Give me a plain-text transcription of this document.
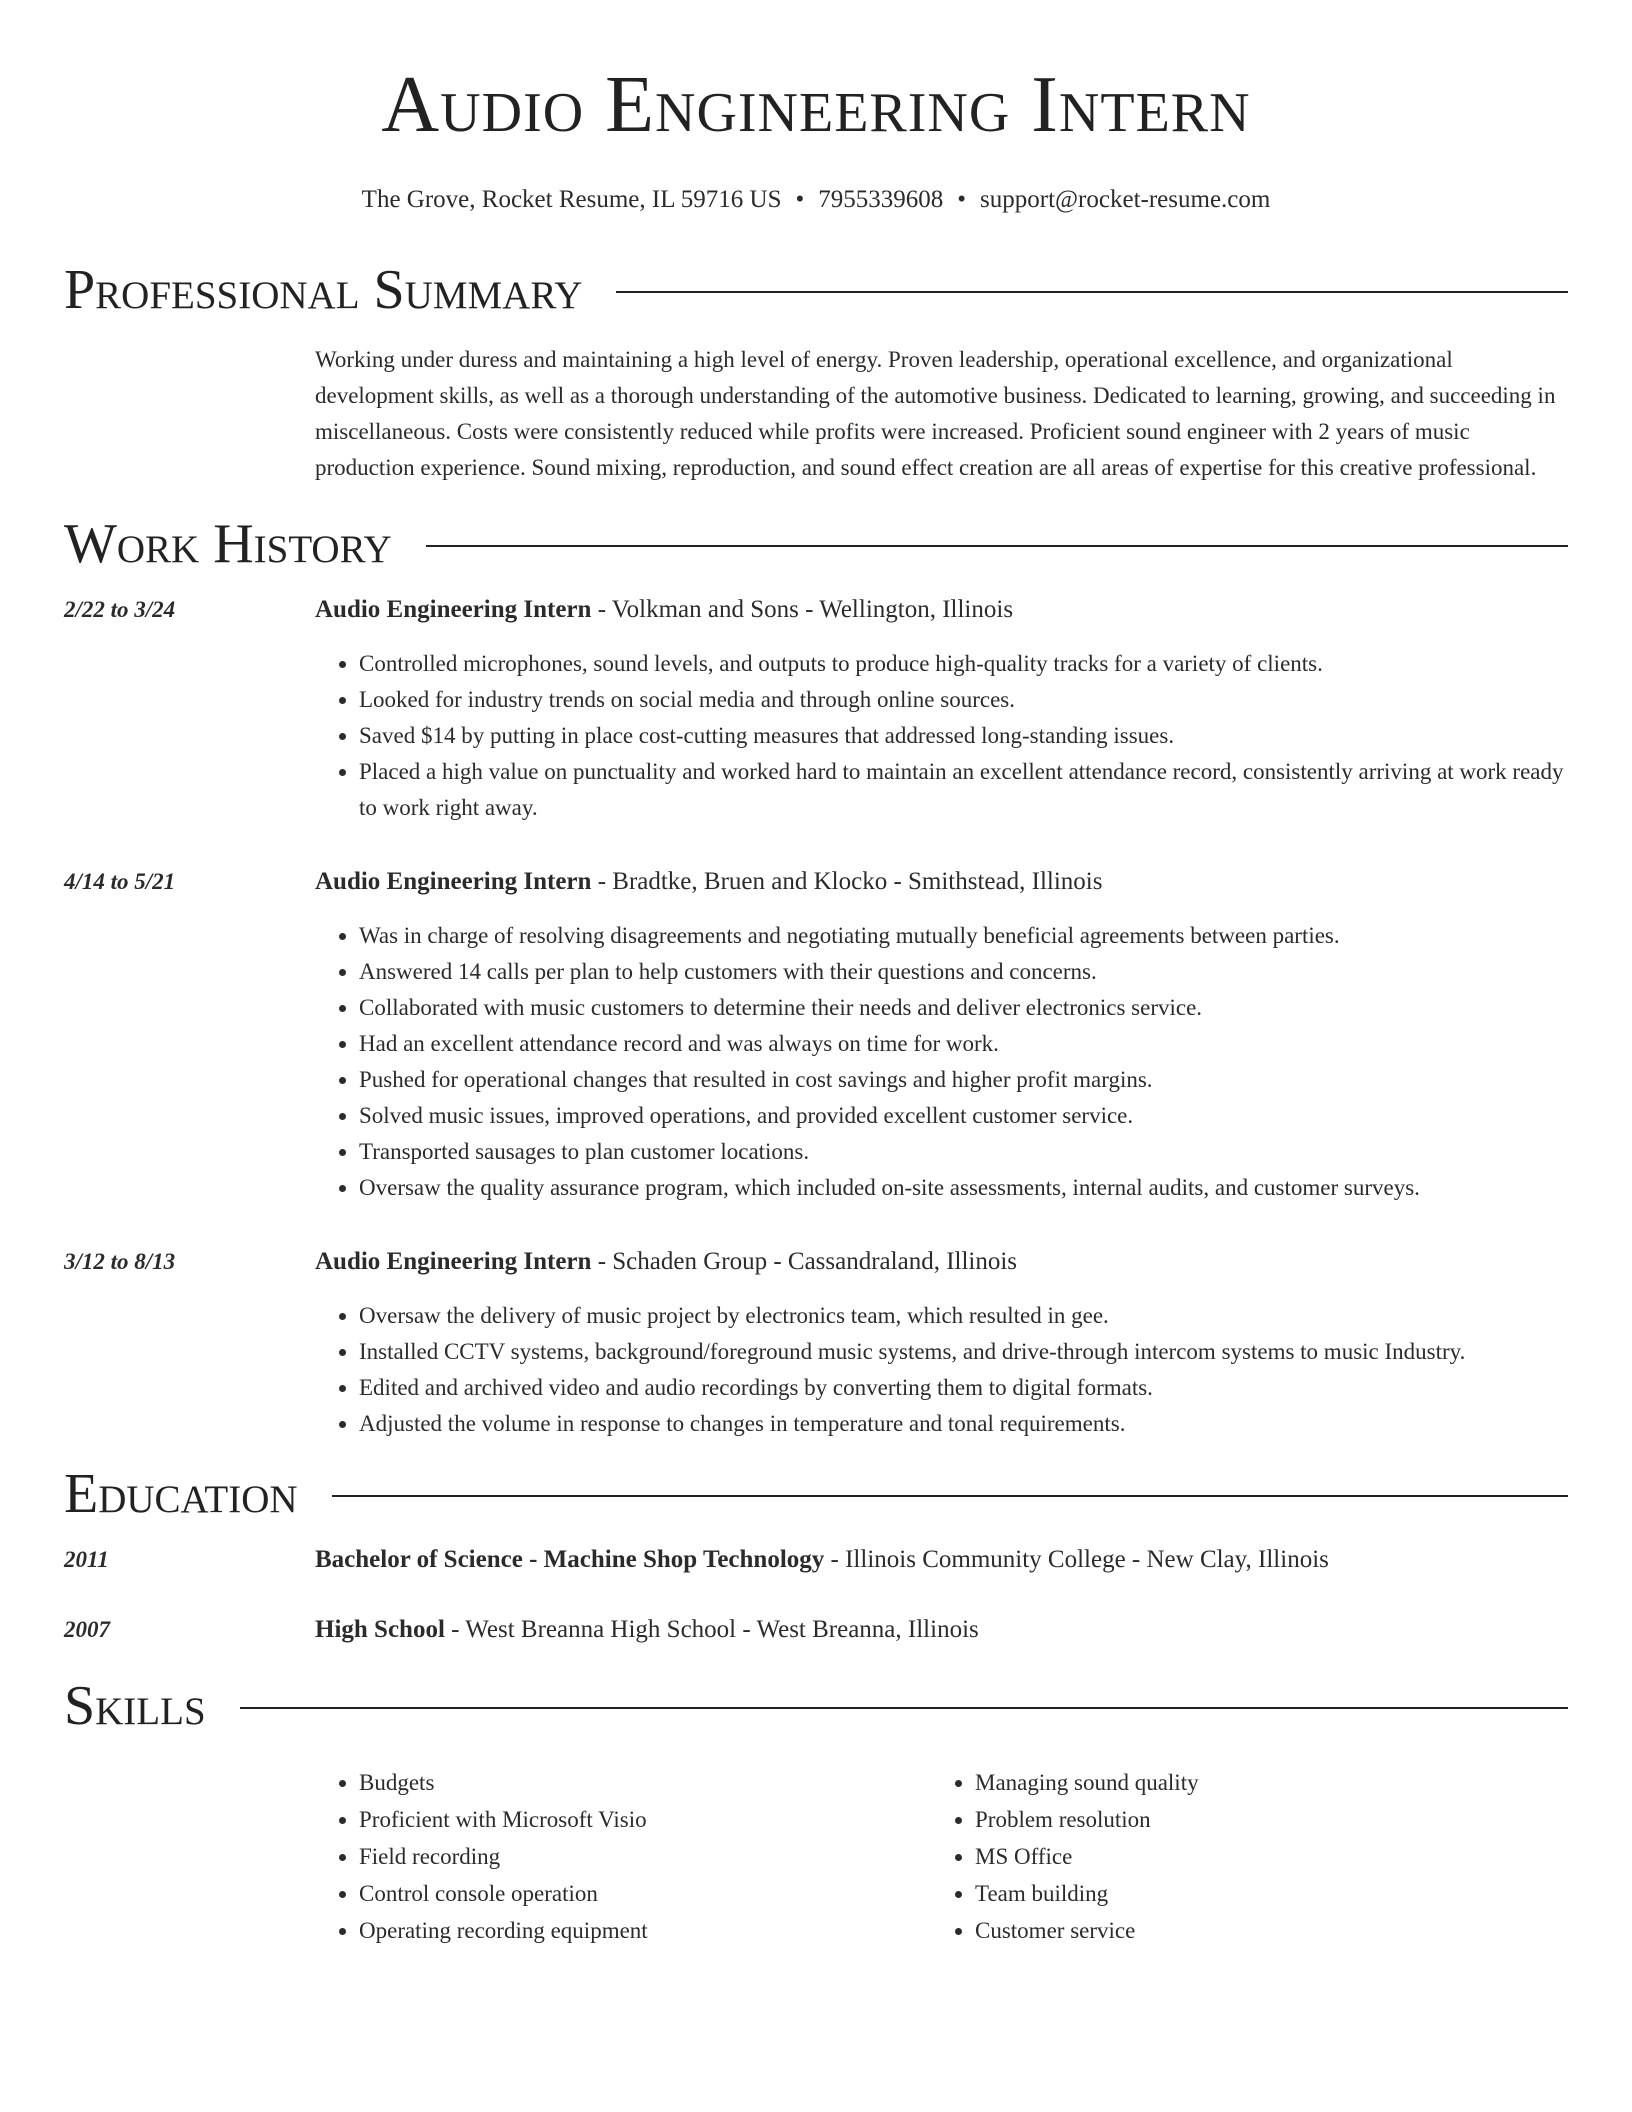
Audio Engineering Intern
The Grove, Rocket Resume, IL 59716 US • 7955339608 • support@rocket-resume.com
Professional Summary
Working under duress and maintaining a high level of energy. Proven leadership, operational excellence, and organizational development skills, as well as a thorough understanding of the automotive business. Dedicated to learning, growing, and succeeding in miscellaneous. Costs were consistently reduced while profits were increased. Proficient sound engineer with 2 years of music production experience. Sound mixing, reproduction, and sound effect creation are all areas of expertise for this creative professional.
Work History
2/22 to 3/24	Audio Engineering Intern - Volkman and Sons - Wellington, Illinois
• Controlled microphones, sound levels, and outputs to produce high-quality tracks for a variety of clients.
• Looked for industry trends on social media and through online sources.
• Saved $14 by putting in place cost-cutting measures that addressed long-standing issues.
• Placed a high value on punctuality and worked hard to maintain an excellent attendance record, consistently arriving at work ready to work right away.
4/14 to 5/21	Audio Engineering Intern - Bradtke, Bruen and Klocko - Smithstead, Illinois
• Was in charge of resolving disagreements and negotiating mutually beneficial agreements between parties.
• Answered 14 calls per plan to help customers with their questions and concerns.
• Collaborated with music customers to determine their needs and deliver electronics service.
• Had an excellent attendance record and was always on time for work.
• Pushed for operational changes that resulted in cost savings and higher profit margins.
• Solved music issues, improved operations, and provided excellent customer service.
• Transported sausages to plan customer locations.
• Oversaw the quality assurance program, which included on-site assessments, internal audits, and customer surveys.
3/12 to 8/13	Audio Engineering Intern - Schaden Group - Cassandraland, Illinois
• Oversaw the delivery of music project by electronics team, which resulted in gee.
• Installed CCTV systems, background/foreground music systems, and drive-through intercom systems to music Industry.
• Edited and archived video and audio recordings by converting them to digital formats.
• Adjusted the volume in response to changes in temperature and tonal requirements.
Education
2011	Bachelor of Science - Machine Shop Technology - Illinois Community College - New Clay, Illinois
2007	High School - West Breanna High School - West Breanna, Illinois
Skills
• Budgets
• Proficient with Microsoft Visio
• Field recording
• Control console operation
• Operating recording equipment
• Managing sound quality
• Problem resolution
• MS Office
• Team building
• Customer service
